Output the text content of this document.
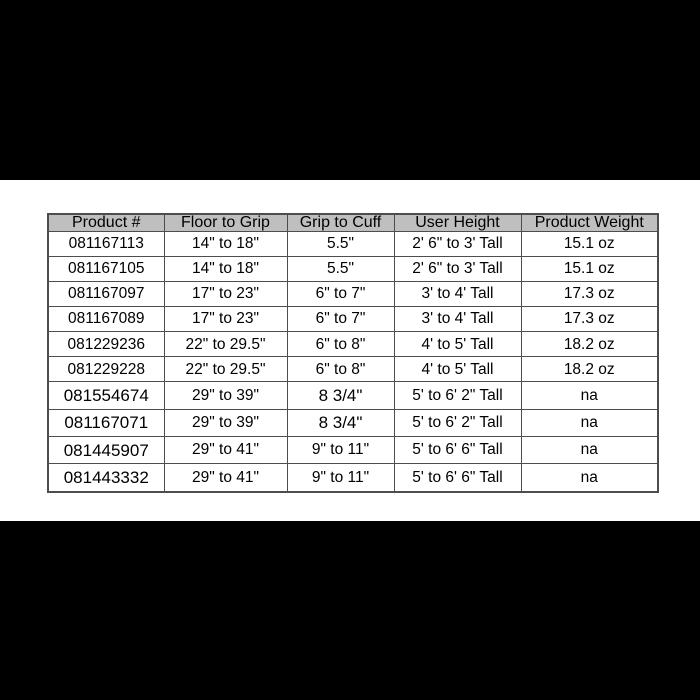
Product #	Floor to Grip	Grip to Cuff	User Height	Product Weight
081167113	14" to 18"	5.5"	2' 6" to 3' Tall	15.1 oz
081167105	14" to 18"	5.5"	2' 6" to 3' Tall	15.1 oz
081167097	17" to 23"	6" to 7"	3' to 4' Tall	17.3 oz
081167089	17" to 23"	6" to 7"	3' to 4' Tall	17.3 oz
081229236	22" to 29.5"	6" to 8"	4' to 5' Tall	18.2 oz
081229228	22" to 29.5"	6" to 8"	4' to 5' Tall	18.2 oz
081554674	29" to 39"	8 3/4"	5' to 6' 2" Tall	na
081167071	29" to 39"	8 3/4"	5' to 6' 2" Tall	na
081445907	29" to 41"	9" to 11"	5' to 6' 6" Tall	na
081443332	29" to 41"	9" to 11"	5' to 6' 6" Tall	na
